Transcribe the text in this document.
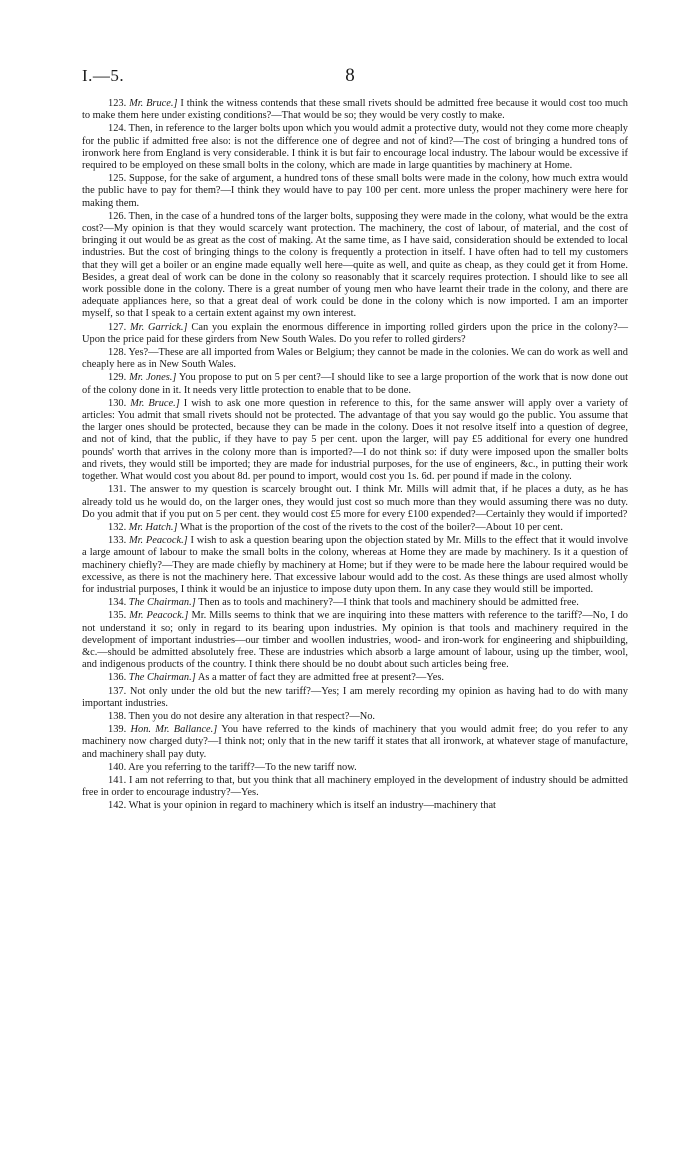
I.—5.	8

123. Mr. Bruce.] I think the witness contends that these small rivets should be admitted free because it would cost too much to make them here under existing conditions?—That would be so; they would be very costly to make.

124. Then, in reference to the larger bolts upon which you would admit a protective duty, would not they come more cheaply for the public if admitted free also: is not the difference one of degree and not of kind?—The cost of bringing a hundred tons of ironwork here from England is very considerable. I think it is but fair to encourage local industry. The labour would be excessive if required to be employed on these small bolts in the colony, which are made in large quantities by machinery at Home.

125. Suppose, for the sake of argument, a hundred tons of these small bolts were made in the colony, how much extra would the public have to pay for them?—I think they would have to pay 100 per cent. more unless the proper machinery were here for making them.

126. Then, in the case of a hundred tons of the larger bolts, supposing they were made in the colony, what would be the extra cost?—My opinion is that they would scarcely want protection. The machinery, the cost of labour, of material, and the cost of bringing it out would be as great as the cost of making. At the same time, as I have said, consideration should be extended to local industries. But the cost of bringing things to the colony is frequently a protection in itself. I have often had to tell my customers that they will get a boiler or an engine made equally well here—quite as well, and quite as cheap, as they could get it from Home. Besides, a great deal of work can be done in the colony so reasonably that it scarcely requires protection. I should like to see all work possible done in the colony. There is a great number of young men who have learnt their trade in the colony, and there are adequate appliances here, so that a great deal of work could be done in the colony which is now imported. I am an importer myself, so that I speak to a certain extent against my own interest.

127. Mr. Garrick.] Can you explain the enormous difference in importing rolled girders upon the price in the colony?—Upon the price paid for these girders from New South Wales. Do you refer to rolled girders?

128. Yes?—These are all imported from Wales or Belgium; they cannot be made in the colonies. We can do work as well and cheaply here as in New South Wales.

129. Mr. Jones.] You propose to put on 5 per cent?—I should like to see a large proportion of the work that is now done out of the colony done in it. It needs very little protection to enable that to be done.

130. Mr. Bruce.] I wish to ask one more question in reference to this, for the same answer will apply over a variety of articles: You admit that small rivets should not be protected. The advantage of that you say would go the public. You assume that the larger ones should be protected, because they can be made in the colony. Does it not resolve itself into a question of degree, and not of kind, that the public, if they have to pay 5 per cent. upon the larger, will pay £5 additional for every one hundred pounds' worth that arrives in the colony more than is imported?—I do not think so: if duty were imposed upon the smaller bolts and rivets, they would still be imported; they are made for industrial purposes, for the use of engineers, &c., in putting their work together. What would cost you about 8d. per pound to import, would cost you 1s. 6d. per pound if made in the colony.

131. The answer to my question is scarcely brought out. I think Mr. Mills will admit that, if he places a duty, as he has already told us he would do, on the larger ones, they would just cost so much more than they would assuming there was no duty. Do you admit that if you put on 5 per cent. they would cost £5 more for every £100 expended?—Certainly they would if imported?

132. Mr. Hatch.] What is the proportion of the cost of the rivets to the cost of the boiler?—About 10 per cent.

133. Mr. Peacock.] I wish to ask a question bearing upon the objection stated by Mr. Mills to the effect that it would involve a large amount of labour to make the small bolts in the colony, whereas at Home they are made by machinery. Is it a question of machinery chiefly?—They are made chiefly by machinery at Home; but if they were to be made here the labour required would be excessive, as there is not the machinery here. That excessive labour would add to the cost. As these things are used almost wholly for industrial purposes, I think it would be an injustice to impose duty upon them. In any case they would still be imported.

134. The Chairman.] Then as to tools and machinery?—I think that tools and machinery should be admitted free.

135. Mr. Peacock.] Mr. Mills seems to think that we are inquiring into these matters with reference to the tariff?—No, I do not understand it so; only in regard to its bearing upon industries. My opinion is that tools and machinery required in the development of important industries—our timber and woollen industries, wood- and iron-work for engineering and shipbuilding, &c.—should be admitted absolutely free. These are industries which absorb a large amount of labour, using up the timber, wool, and indigenous products of the country. I think there should be no doubt about such articles being free.

136. The Chairman.] As a matter of fact they are admitted free at present?—Yes.

137. Not only under the old but the new tariff?—Yes; I am merely recording my opinion as having had to do with many important industries.

138. Then you do not desire any alteration in that respect?—No.

139. Hon. Mr. Ballance.] You have referred to the kinds of machinery that you would admit free; do you refer to any machinery now charged duty?—I think not; only that in the new tariff it states that all ironwork, at whatever stage of manufacture, and machinery shall pay duty.

140. Are you referring to the tariff?—To the new tariff now.

141. I am not referring to that, but you think that all machinery employed in the development of industry should be admitted free in order to encourage industry?—Yes.

142. What is your opinion in regard to machinery which is itself an industry—machinery that
